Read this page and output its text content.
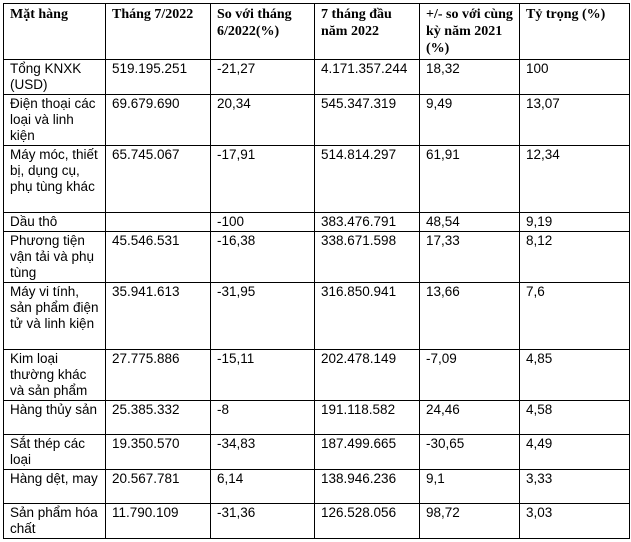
Mặt hàng	Tháng 7/2022	So với tháng 6/2022(%)	7 tháng đầu năm 2022	+/- so với cùng kỳ năm 2021 (%)	Tỷ trọng (%)
Tổng KNXK (USD)	519.195.251	-21,27	4.171.357.244	18,32	100
Điện thoại các loại và linh kiện	69.679.690	20,34	545.347.319	9,49	13,07
Máy móc, thiết bị, dụng cụ, phụ tùng khác	65.745.067	-17,91	514.814.297	61,91	12,34
Dầu thô		-100	383.476.791	48,54	9,19
Phương tiện vận tải và phụ tùng	45.546.531	-16,38	338.671.598	17,33	8,12
Máy vi tính, sản phẩm điện tử và linh kiện	35.941.613	-31,95	316.850.941	13,66	7,6
Kim loại thường khác và sản phẩm	27.775.886	-15,11	202.478.149	-7,09	4,85
Hàng thủy sản	25.385.332	-8	191.118.582	24,46	4,58
Sắt thép các loại	19.350.570	-34,83	187.499.665	-30,65	4,49
Hàng dệt, may	20.567.781	6,14	138.946.236	9,1	3,33
Sản phẩm hóa chất	11.790.109	-31,36	126.528.056	98,72	3,03
